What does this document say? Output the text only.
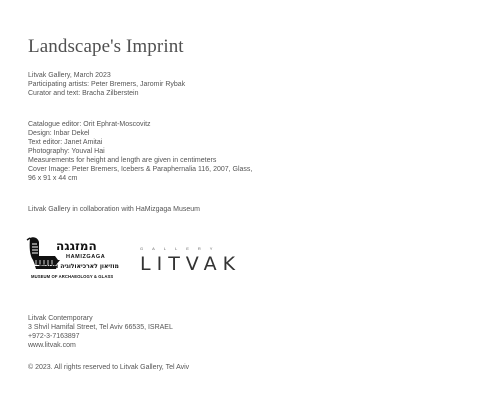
Landscape's Imprint
Litvak Gallery, March 2023
Participating artists: Peter Bremers, Jaromir Rybak
Curator and text: Bracha Zilberstein
Catalogue editor: Orit Ephrat-Moscovitz
Design: Inbar Dekel
Text editor: Janet Amitai
Photography: Youval Hai
Measurements for height and length are given in centimeters
Cover Image: Peter Bremers, Icebers & Paraphernalia 116, 2007, Glass,
96 x 91 x 44 cm
Litvak Gallery in collaboration with HaMizgaga Museum
המזגגה
HAMIZGAGA
מוזיאון לארכיאולוגיה וזכוכית
MUSEUM OF ARCHAEOLOGY & GLASS
GALLERY
LITVAK
Litvak Contemporary
3 Shvil Hamifal Street, Tel Aviv 66535, ISRAEL
+972-3-7163897
www.litvak.com
© 2023. All rights reserved to Litvak Gallery, Tel Aviv
